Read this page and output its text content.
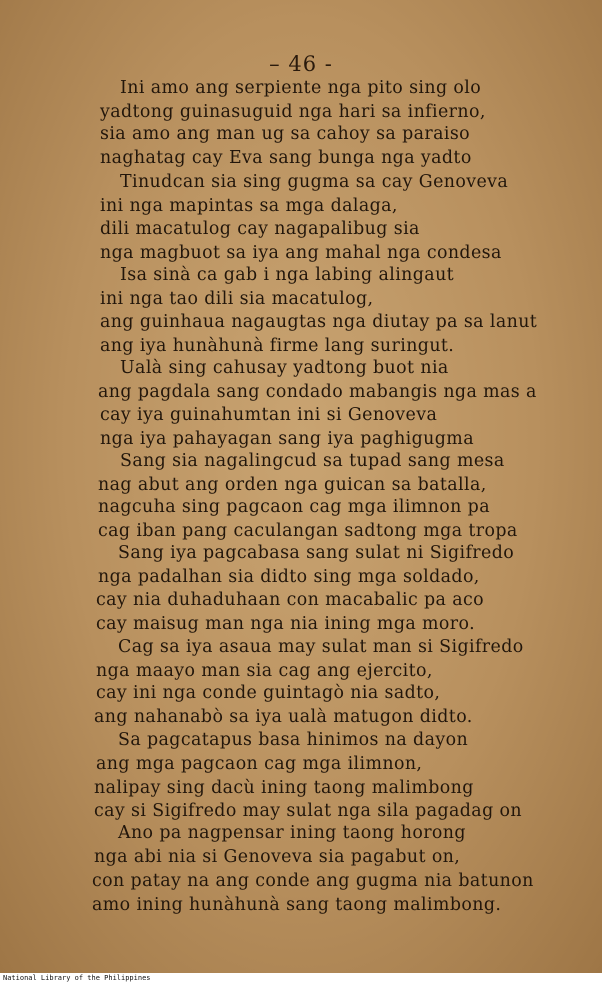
– 46 -
Ini amo ang serpiente nga pito sing olo
yadtong guinasuguid nga hari sa infierno,
sia amo ang man ug sa cahoy sa paraiso
naghatag cay Eva sang bunga nga yadto
Tinudcan sia sing gugma sa cay Genoveva
ini nga mapintas sa mga dalaga,
dili macatulog cay nagapalibug sia
nga magbuot sa iya ang mahal nga condesa
Isa sinà ca gab i nga labing alingaut
ini nga tao dili sia macatulog,
ang guinhaua nagaugtas nga diutay pa sa lanut
ang iya hunàhunà firme lang suringut.
Ualà sing cahusay yadtong buot nia
ang pagdala sang condado mabangis nga mas a
cay iya guinahumtan ini si Genoveva
nga iya pahayagan sang iya paghigugma
Sang sia nagalingcud sa tupad sang mesa
nag abut ang orden nga guican sa batalla,
nagcuha sing pagcaon cag mga ilimnon pa
cag iban pang caculangan sadtong mga tropa
Sang iya pagcabasa sang sulat ni Sigifredo
nga padalhan sia didto sing mga soldado,
cay nia duhaduhaan con macabalic pa aco
cay maisug man nga nia ining mga moro.
Cag sa iya asaua may sulat man si Sigifredo
nga maayo man sia cag ang ejercito,
cay ini nga conde guintagò nia sadto,
ang nahanabò sa iya ualà matugon didto.
Sa pagcatapus basa hinimos na dayon
ang mga pagcaon cag mga ilimnon,
nalipay sing dacù ining taong malimbong
cay si Sigifredo may sulat nga sila pagadag on
Ano pa nagpensar ining taong horong
nga abi nia si Genoveva sia pagabut on,
con patay na ang conde ang gugma nia batunon
amo ining hunàhunà sang taong malimbong.
National Library of the Philippines
